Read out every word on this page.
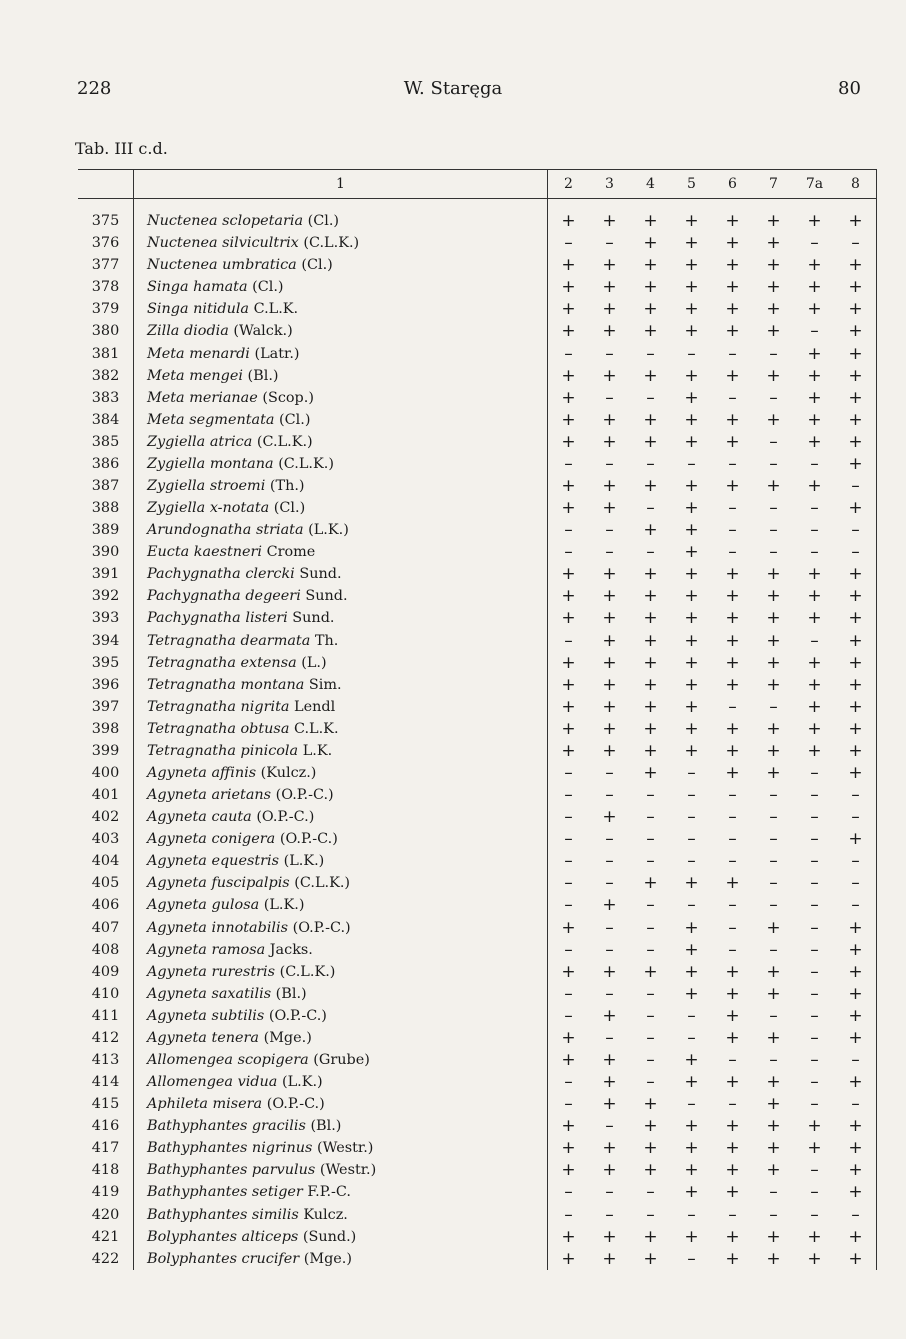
228	W. Staręga	80
Tab. III c.d.
	1	2	3	4	5	6	7	7a	8

375	Nuctenea sclopetaria (Cl.)	+	+	+	+	+	+	+	+
376	Nuctenea silvicultrix (C.L.K.)	–	–	+	+	+	+	–	–
377	Nuctenea umbratica (Cl.)	+	+	+	+	+	+	+	+
378	Singa hamata (Cl.)	+	+	+	+	+	+	+	+
379	Singa nitidula C.L.K.	+	+	+	+	+	+	+	+
380	Zilla diodia (Walck.)	+	+	+	+	+	+	–	+
381	Meta menardi (Latr.)	–	–	–	–	–	–	+	+
382	Meta mengei (Bl.)	+	+	+	+	+	+	+	+
383	Meta merianae (Scop.)	+	–	–	+	–	–	+	+
384	Meta segmentata (Cl.)	+	+	+	+	+	+	+	+
385	Zygiella atrica (C.L.K.)	+	+	+	+	+	–	+	+
386	Zygiella montana (C.L.K.)	–	–	–	–	–	–	–	+
387	Zygiella stroemi (Th.)	+	+	+	+	+	+	+	–
388	Zygiella x-notata (Cl.)	+	+	–	+	–	–	–	+
389	Arundognatha striata (L.K.)	–	–	+	+	–	–	–	–
390	Eucta kaestneri Crome	–	–	–	+	–	–	–	–
391	Pachygnatha clercki Sund.	+	+	+	+	+	+	+	+
392	Pachygnatha degeeri Sund.	+	+	+	+	+	+	+	+
393	Pachygnatha listeri Sund.	+	+	+	+	+	+	+	+
394	Tetragnatha dearmata Th.	–	+	+	+	+	+	–	+
395	Tetragnatha extensa (L.)	+	+	+	+	+	+	+	+
396	Tetragnatha montana Sim.	+	+	+	+	+	+	+	+
397	Tetragnatha nigrita Lendl	+	+	+	+	–	–	+	+
398	Tetragnatha obtusa C.L.K.	+	+	+	+	+	+	+	+
399	Tetragnatha pinicola L.K.	+	+	+	+	+	+	+	+
400	Agyneta affinis (Kulcz.)	–	–	+	–	+	+	–	+
401	Agyneta arietans (O.P.-C.)	–	–	–	–	–	–	–	–
402	Agyneta cauta (O.P.-C.)	–	+	–	–	–	–	–	–
403	Agyneta conigera (O.P.-C.)	–	–	–	–	–	–	–	+
404	Agyneta equestris (L.K.)	–	–	–	–	–	–	–	–
405	Agyneta fuscipalpis (C.L.K.)	–	–	+	+	+	–	–	–
406	Agyneta gulosa (L.K.)	–	+	–	–	–	–	–	–
407	Agyneta innotabilis (O.P.-C.)	+	–	–	+	–	+	–	+
408	Agyneta ramosa Jacks.	–	–	–	+	–	–	–	+
409	Agyneta rurestris (C.L.K.)	+	+	+	+	+	+	–	+
410	Agyneta saxatilis (Bl.)	–	–	–	+	+	+	–	+
411	Agyneta subtilis (O.P.-C.)	–	+	–	–	+	–	–	+
412	Agyneta tenera (Mge.)	+	–	–	–	+	+	–	+
413	Allomengea scopigera (Grube)	+	+	–	+	–	–	–	–
414	Allomengea vidua (L.K.)	–	+	–	+	+	+	–	+
415	Aphileta misera (O.P.-C.)	–	+	+	–	–	+	–	–
416	Bathyphantes gracilis (Bl.)	+	–	+	+	+	+	+	+
417	Bathyphantes nigrinus (Westr.)	+	+	+	+	+	+	+	+
418	Bathyphantes parvulus (Westr.)	+	+	+	+	+	+	–	+
419	Bathyphantes setiger F.P.-C.	–	–	–	+	+	–	–	+
420	Bathyphantes similis Kulcz.	–	–	–	–	–	–	–	–
421	Bolyphantes alticeps (Sund.)	+	+	+	+	+	+	+	+
422	Bolyphantes crucifer (Mge.)	+	+	+	–	+	+	+	+
